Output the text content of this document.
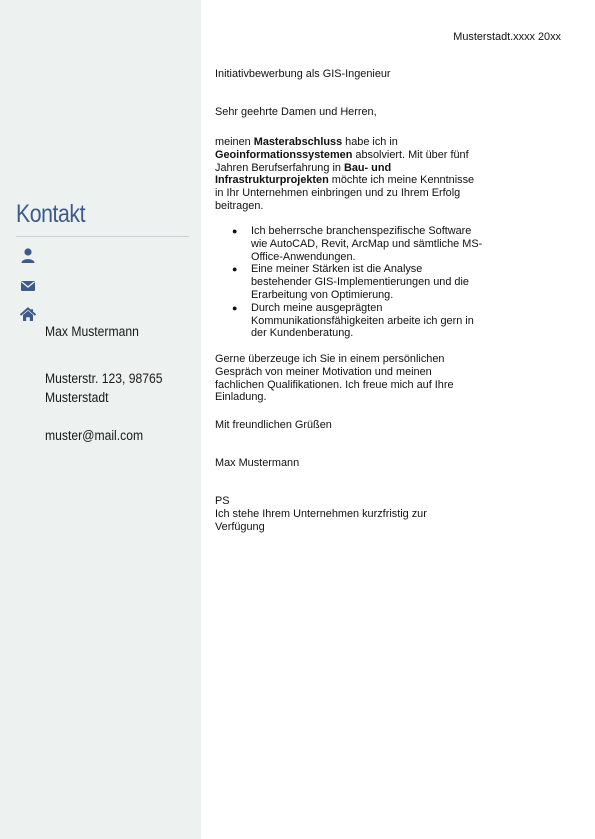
Kontakt
Max Mustermann
Musterstr. 123, 98765
Musterstadt
muster@mail.com
Musterstadt.xxxx 20xx
Initiativbewerbung als GIS-Ingenieur
Sehr geehrte Damen und Herren,
meinen Masterabschluss habe ich in Geoinformationssystemen absolviert. Mit über fünf Jahren Berufserfahrung in Bau- und Infrastrukturprojekten möchte ich meine Kenntnisse in Ihr Unternehmen einbringen und zu Ihrem Erfolg beitragen.
● Ich beherrsche branchenspezifische Software wie AutoCAD, Revit, ArcMap und sämtliche MS-Office-Anwendungen.
● Eine meiner Stärken ist die Analyse bestehender GIS-Implementierungen und die Erarbeitung von Optimierung.
● Durch meine ausgeprägten Kommunikationsfähigkeiten arbeite ich gern in der Kundenberatung.
Gerne überzeuge ich Sie in einem persönlichen Gespräch von meiner Motivation und meinen fachlichen Qualifikationen. Ich freue mich auf Ihre Einladung.
Mit freundlichen Grüßen
Max Mustermann
PS
Ich stehe Ihrem Unternehmen kurzfristig zur Verfügung
